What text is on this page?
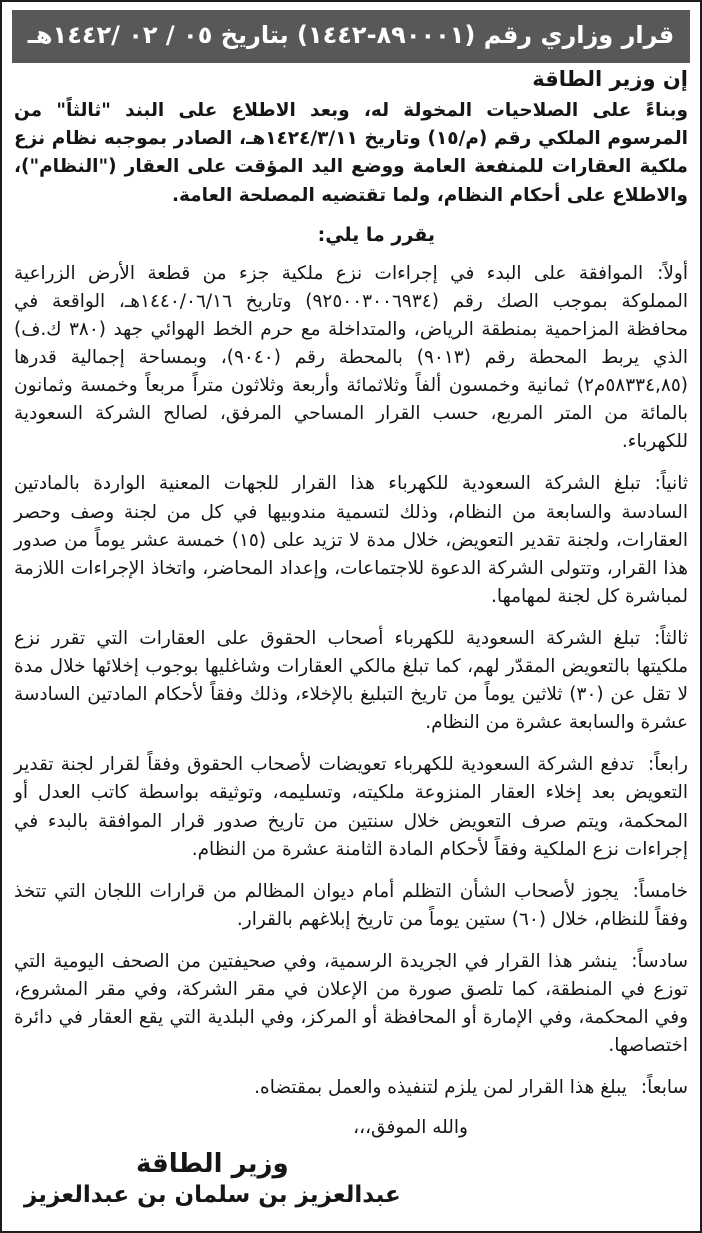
قرار وزاري رقم (٨٩٠٠٠١-١٤٤٢) بتاريخ ٠٥ / ٠٢ /١٤٤٢هـ
إن وزير الطاقة

وبناءً على الصلاحيات المخولة له، وبعد الاطلاع على البند "ثالثاً" من المرسوم الملكي رقم (م/١٥) وتاريخ ١٤٢٤/٣/١١هـ، الصادر بموجبه نظام نزع ملكية العقارات للمنفعة العامة ووضع اليد المؤقت على العقار ("النظام")، والاطلاع على أحكام النظام، ولما تقتضيه المصلحة العامة.

يقرر ما يلي:

أولاً:الموافقة على البدء في إجراءات نزع ملكية جزء من قطعة الأرض الزراعية المملوكة بموجب الصك رقم (٩٢٥٠٠٣٠٠٦٩٣٤) وتاريخ ١٤٤٠/٠٦/١٦هـ، الواقعة في محافظة المزاحمية بمنطقة الرياض، والمتداخلة مع حرم الخط الهوائي جهد (٣٨٠ ك.ف) الذي يربط المحطة رقم (٩٠١٣) بالمحطة رقم (٩٠٤٠)، وبمساحة إجمالية قدرها (٥٨٣٣٤,٨٥م٢) ثمانية وخمسون ألفاً وثلاثمائة وأربعة وثلاثون متراً مربعاً وخمسة وثمانون بالمائة من المتر المربع، حسب القرار المساحي المرفق، لصالح الشركة السعودية للكهرباء.

ثانياً:تبلغ الشركة السعودية للكهرباء هذا القرار للجهات المعنية الواردة بالمادتين السادسة والسابعة من النظام، وذلك لتسمية مندوبيها في كل من لجنة وصف وحصر العقارات، ولجنة تقدير التعويض، خلال مدة لا تزيد على (١٥) خمسة عشر يوماً من صدور هذا القرار، وتتولى الشركة الدعوة للاجتماعات، وإعداد المحاضر، واتخاذ الإجراءات اللازمة لمباشرة كل لجنة لمهامها.

ثالثاً:تبلغ الشركة السعودية للكهرباء أصحاب الحقوق على العقارات التي تقرر نزع ملكيتها بالتعويض المقدّر لهم، كما تبلغ مالكي العقارات وشاغليها بوجوب إخلائها خلال مدة لا تقل عن (٣٠) ثلاثين يوماً من تاريخ التبليغ بالإخلاء، وذلك وفقاً لأحكام المادتين السادسة عشرة والسابعة عشرة من النظام.

رابعاً:تدفع الشركة السعودية للكهرباء تعويضات لأصحاب الحقوق وفقاً لقرار لجنة تقدير التعويض بعد إخلاء العقار المنزوعة ملكيته، وتسليمه، وتوثيقه بواسطة كاتب العدل أو المحكمة، ويتم صرف التعويض خلال سنتين من تاريخ صدور قرار الموافقة بالبدء في إجراءات نزع الملكية وفقاً لأحكام المادة الثامنة عشرة من النظام.

خامساً:يجوز لأصحاب الشأن التظلم أمام ديوان المظالم من قرارات اللجان التي تتخذ وفقاً للنظام، خلال (٦٠) ستين يوماً من تاريخ إبلاغهم بالقرار.

سادساً:ينشر هذا القرار في الجريدة الرسمية، وفي صحيفتين من الصحف اليومية التي توزع في المنطقة، كما تلصق صورة من الإعلان في مقر الشركة، وفي مقر المشروع، وفي المحكمة، وفي الإمارة أو المحافظة أو المركز، وفي البلدية التي يقع العقار في دائرة اختصاصها.

سابعاً:يبلغ هذا القرار لمن يلزم لتنفيذه والعمل بمقتضاه.

والله الموفق،،،

وزير الطاقة
عبدالعزيز بن سلمان بن عبدالعزيز
